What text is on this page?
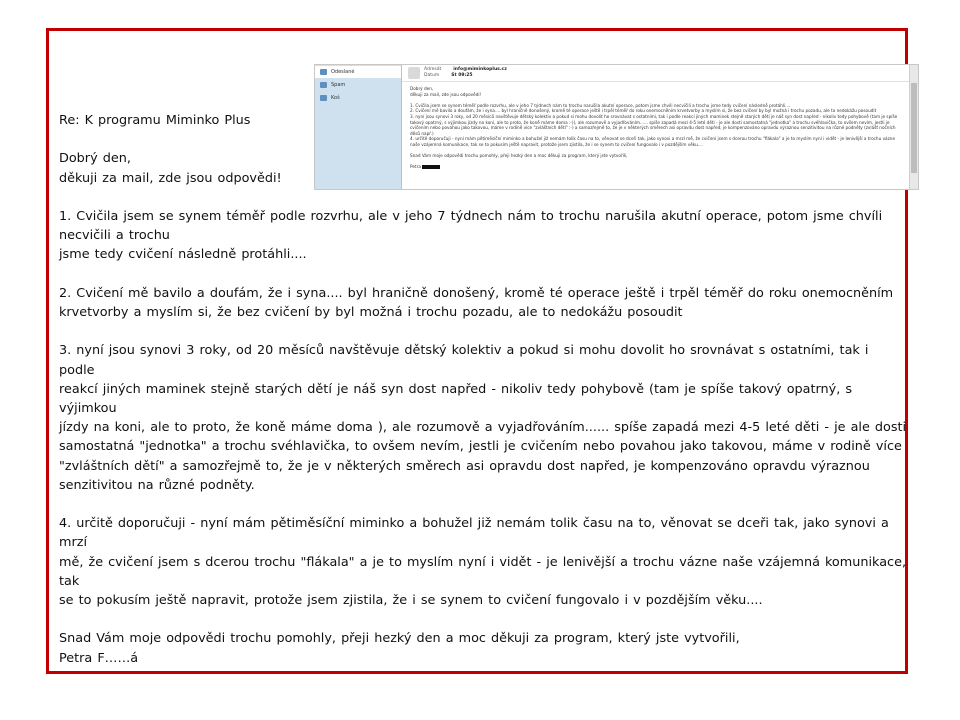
Odeslané
Spam
Koš
Adresát	info@miminkoplus.cz
Datum	St 09:25
Dobrý den,
děkuji za mail, zde jsou odpovědi!

1. Cvičila jsem se synem téměř podle rozvrhu, ale v jeho 7 týdnech nám to trochu narušila akutní operace, potom jsme chvíli necvičili a trochu jsme tedy cvičení následně protáhli....
2. Cvičení mě bavilo a doufám, že i syna.... byl hraničně donošený, kromě té operace ještě i trpěl téměř do roku onemocněním krvetvorby a myslím si, že bez cvičení by byl možná i trochu pozadu, ale to nedokážu posoudit
3. nyní jsou synovi 3 roky, od 20 měsíců navštěvuje dětský kolektiv a pokud si mohu dovolit ho srovnávat s ostatními, tak i podle reakcí jiných maminek stejně starých dětí je náš syn dost napřed - nikoliv tedy pohybově (tam je spíše takový opatrný, s výjimkou jízdy na koni, ale to proto, že koně máme doma :-)), ale rozumově a vyjadřováním...... spíše zapadá mezi 4-5 leté děti - je ale dosti samostatná "jednotka" a trochu svéhlavička, to ovšem nevím, jestli je cvičením nebo povahou jako takovou, máme v rodině více "zvláštních dětí" :-) a samozřejmě to, že je v některých směrech asi opravdu dost napřed, je kompenzováno opravdu výraznou senzitivitou na různé podněty (zvlášť nočních děsů např.)
4. určitě doporučuji - nyní mám pětiměsíční miminko a bohužel již nemám tolik času na to, věnovat se dceři tak, jako synovi a mrzí mě, že cvičení jsem s dcerou trochu "flákala" a je to myslím nyní i vidět - je lenivější a trochu vázne naše vzájemná komunikace, tak se to pokusím ještě napravit, protože jsem zjistila, že i se synem to cvičení fungovalo i v pozdějším věku....

Snad Vám moje odpovědi trochu pomohly, přeji hezký den a moc děkuji za program, který jste vytvořili,

Petra

Re: K programu Miminko Plus

Dobrý den,

děkuji za mail, zde jsou odpovědi!

1. Cvičila jsem se synem téměř podle rozvrhu, ale v jeho 7 týdnech nám to trochu narušila akutní operace, potom jsme chvíli

necvičili a trochu

jsme tedy cvičení následně protáhli....

2. Cvičení mě bavilo a doufám, že i syna.... byl hraničně donošený, kromě té operace ještě i trpěl téměř do roku onemocněním

krvetvorby a myslím si, že bez cvičení by byl možná i trochu pozadu, ale to nedokážu posoudit

3. nyní jsou synovi 3 roky, od 20 měsíců navštěvuje dětský kolektiv a pokud si mohu dovolit ho srovnávat s ostatními, tak i podle

reakcí jiných maminek stejně starých dětí je náš syn dost napřed - nikoliv tedy pohybově (tam je spíše takový opatrný, s výjimkou

jízdy na koni, ale to proto, že koně máme doma ), ale rozumově a vyjadřováním...... spíše zapadá mezi 4-5 leté děti - je ale dosti

samostatná "jednotka" a trochu svéhlavička, to ovšem nevím, jestli je cvičením nebo povahou jako takovou, máme v rodině více

"zvláštních dětí" a samozřejmě to, že je v některých směrech asi opravdu dost napřed, je kompenzováno opravdu výraznou

senzitivitou na různé podněty.

4. určitě doporučuji - nyní mám pětiměsíční miminko a bohužel již nemám tolik času na to, věnovat se dceři tak, jako synovi a mrzí

mě, že cvičení jsem s dcerou trochu "flákala" a je to myslím nyní i vidět - je lenivější a trochu vázne naše vzájemná komunikace, tak

se to pokusím ještě napravit, protože jsem zjistila, že i se synem to cvičení fungovalo i v pozdějším věku....

Snad Vám moje odpovědi trochu pomohly, přeji hezký den a moc děkuji za program, který jste vytvořili,

Petra F……á
